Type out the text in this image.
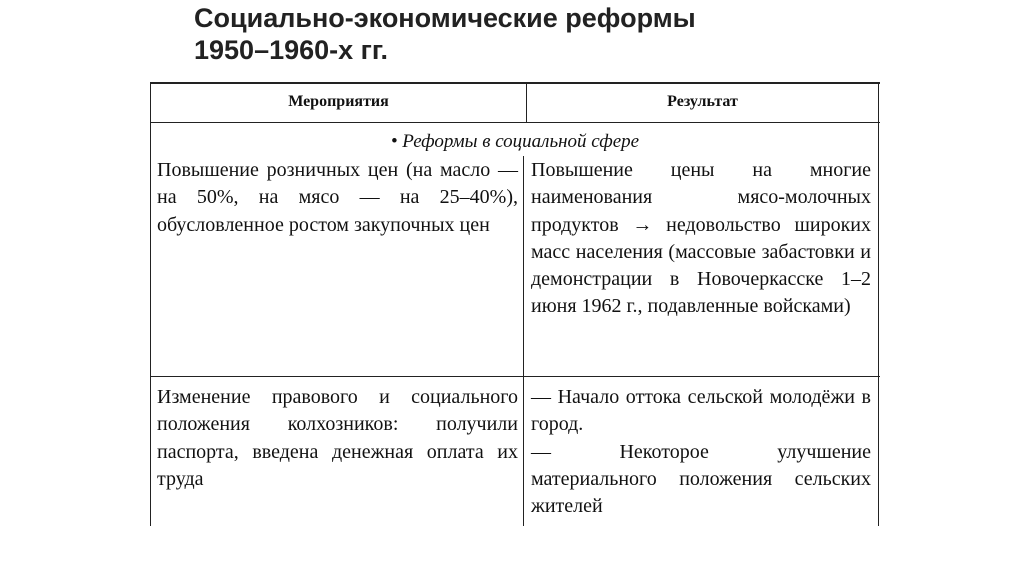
Социально-экономические реформы
1950–1960-х гг.
Мероприятия	Результат
• Реформы в социальной сфере
Повышение розничных цен (на масло — на 50%, на мясо — на 25–40%), обусловленное ростом закупочных цен
Повышение цены на многие наименования мясо-молочных продуктов → недовольство широких масс населения (массовые забастовки и демонстрации в Новочеркасске 1–2 июня 1962 г., подавленные войсками)
Изменение правового и социального положения колхозников: получили паспорта, введена денежная оплата их труда
— Начало оттока сельской молодёжи в город.
— Некоторое улучшение материального положения сельских жителей
